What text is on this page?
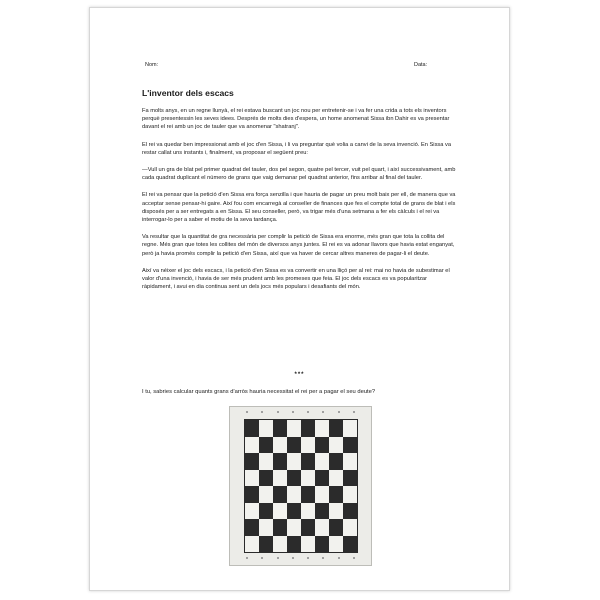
Nom:	Data:
L'inventor dels escacs

Fa molts anys, en un regne llunyà, el rei estava buscant un joc nou per entretenir-se i va fer una crida a tots els inventors perquè presentessin les seves idees. Després de molts dies d'espera, un home anomenat Sissa ibn Dahir es va presentar davant el rei amb un joc de tauler que va anomenar "shatranj".

El rei va quedar ben impressionat amb el joc d'en Sissa, i li va preguntar què volia a canvi de la seva invenció. En Sissa va restar callat uns instants i, finalment, va proposar el següent preu:

—Vull un gra de blat pel primer quadrat del tauler, dos pel segon, quatre pel tercer, vuit pel quart, i així successivament, amb cada quadrat duplicant el número de grans que vaig demanar pel quadrat anterior, fins arribar al final del tauler.

El rei va pensar que la petició d'en Sissa era força senzilla i que hauria de pagar un preu molt baix per ell, de manera que va acceptar sense pensar-hi gaire. Així fou com encarregà al conseller de finances que fes el compte total de grans de blat i els disposés per a ser entregats a en Sissa. El seu conseller, però, va trigar més d'una setmana a fer els càlculs i el rei va interrogar-lo per a saber el motiu de la seva tardança.

Va resultar que la quantitat de gra necessària per complir la petició de Sissa era enorme, més gran que tota la collita del regne. Més gran que totes les collites del món de diversos anys juntes. El rei es va adonar llavors que havia estat enganyat, però ja havia promès complir la petició d'en Sissa, així que va haver de cercar altres maneres de pagar-li el deute.

Així va néixer el joc dels escacs, i la petició d'en Sissa es va convertir en una lliçó per al rei: mai no havia de subestimar el valor d'una invenció, i havia de ser més prudent amb les promeses que feia. El joc dels escacs es va popularitzar ràpidament, i avui en dia continua sent un dels jocs més populars i desafiants del món.

***
I tu, sabries calcular quants grans d'arròs hauria necessitat el rei per a pagar el seu deute?
